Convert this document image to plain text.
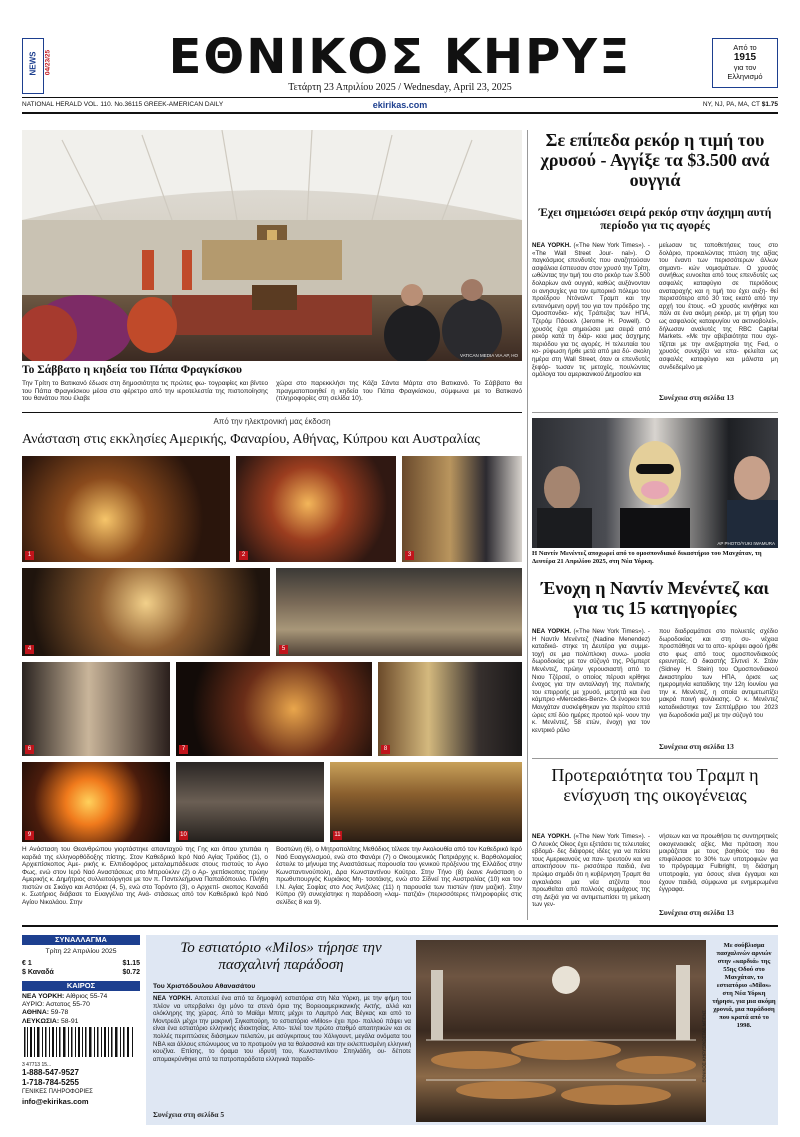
NEWS 04/23/25	ΕΘΝΙΚΟΣ ΚΗΡΥΞ
Τετάρτη 23 Απριλίου 2025 / Wednesday, April 23, 2025
Από το
1915
για τον
Ελληνισμό
NATIONAL HERALD VOL. 110. No.36115 GREEK-AMERICAN DAILY	ekirikas.com	NY, NJ, PA, MA, CT $1.75
VATICAN MEDIA VIA AP, HO
Το Σάββατο η κηδεία του Πάπα Φραγκίσκου
Την Τρίτη το Βατικανό έδωσε στη δημοσιότητα τις πρώτες φω- τογραφίες και βίντεο του Πάπα Φραγκίσκου μέσα στο φέρετρο από την ιεροτελεστία της πιστοποίησης του θανάτου που έλαβε
χώρα στο παρεκκλήσι της Κάζα Σάντα Μάρτα στο Βατικανό. Το Σάββατο θα πραγματοποιηθεί η κηδεία του Πάπα Φραγκίσκου, σύμφωνα με το Βατικανό (πληροφορίες στη σελίδα 10).
Σε επίπεδα ρεκόρ η τιμή του χρυσού - Αγγίξε τα $3.500 ανά ουγγιά
Έχει σημειώσει σειρά ρεκόρ στην άσχημη αυτή περίοδο για τις αγορές
ΝΕΑ ΥΟΡΚΗ. («The New York Times»). - «The Wall Street Jour- nal»). Ο παγκόσμιος επενδυτές που αναζητούσαν ασφάλεια έσπευσαν στον χρυσό την Τρίτη, ωθώντας την τιμή του στο ρεκόρ των 3.500 δολαρίων ανά ουγγιά, καθώς αυξάνονταν οι ανησυχίες για τον εμπορικό πόλεμο του προέδρου Ντόναλντ Τραμπ και την εντεινόμενη οργή του για τον πρόεδρο της Ομοσπονδια- κής Τράπεζας των ΗΠΑ, Τζερόμ Πάουελ (Jerome H. Powell). Ο χρυσός έχει σημειώσει μια σειρά από ρεκόρ κατά τη διάρ- κεια μιας άσχημης περιόδου για τις αγορές. Η τελευταία του κο- ρύφωση ήρθε μετά από μια δύ- σκολη ημέρα στη Wall Street, όταν οι επενδυτές ξεφόρ- τωσαν τις μετοχές, πουλώντας ομόλογα του αμερικανικού Δημοσίου και
μείωσαν τις τοποθετήσεις τους στο δολάριο, προκαλώντας πτώση της αξίας του έναντι των περισσότερων άλλων σημαντι- κών νομισμάτων. Ο χρυσός συνήθως ευνοείται από τους επενδυτές ως ασφαλές καταφύγιο σε περιόδους αναταραχής και η τιμή του έχει αυξη- θεί περισσότερο από 30 τοις εκατό από την αρχή του έτους. «Ο χρυσός κινήθηκε και πάλι σε ένα ακόμη ρεκόρ, με τη φήμη του ως ασφαλούς καταφυγίου να ακτινοβολεί», δήλωσαν αναλυτές της RBC Capital Markets. «Με την αβεβαιότητα που σχε- τίζεται με την ανεξαρτησία της Fed, ο χρυσός συνεχίζει να επα- φελείται ως ασφαλές καταφύγιο και μάλιστα μη συνδεδεμένο με
Συνέχεια στη σελίδα 13
Από την ηλεκτρονική μας έκδοση
Ανάσταση στις εκκλησίες Αμερικής, Φαναρίου, Αθήνας, Κύπρου και Αυστραλίας
1	2	3
4	5
6	7	8
9	10	11
Η Ανάσταση του Θεανθρώπου γιορτάστηκε απανταχού της Γης και όπου χτυπάει η καρδιά της ελληνορθόδοξης πίστης. Στον Καθεδρικό Ιερό Ναό Αγίας Τριάδος (1), ο Αρχιεπίσκοπος Αμε- ρικής κ. Ελπιδοφόρος μεταλαμπάδευσε στους πιστούς το Αγιο Φως, ενώ στον Ιερό Ναό Αναστάσεως στο Μπρούκλιν (2) ο Αρ- χιεπίσκοπος πρώην Αμερικής κ. Δημήτριος συλλειτούργησε με τον π. Παντελεήμονα Παπαδόπουλο. Πλήθη πιστών σε Σικάγο και Αστόρια (4, 5), ενώ στο Τορόντο (3), ο Αρχιεπί- σκοπος Καναδά κ. Σωτήριος διάβασε το Ευαγγέλιο της Ανά- στάσεως από τον Καθεδρικό Ιερό Ναό Αγίου Νικολάου. Στην
Βοστώνη (6), ο Μητροπολίτης Μεθόδιος τέλεσε την Ακολουθία από τον Καθεδρικό Ιερό Ναό Ευαγγελισμού, ενώ στο Φανάρι (7) ο Οικουμενικός Πατριάρχης κ. Βαρθολομαίος έστειλε το μήνυμα της Αναστάσεως παρουσία του γενικού πρόξενου της Ελλάδος στην Κωνσταντινούπολη, Δρα Κωνσταντίνου Κούτρα. Στην Τήνο (8) έκανε Ανάσταση ο πρωθυπουργός Κυριάκος Μη- τσοτάκης, ενώ στο Σίδνεϊ της Αυστραλίας (10) και τον Ι.Ν. Αγίας Σοφίας στο Λος Άντζελες (11) η παρουσία των πιστών ήταν μαζική. Στην Κύπρο (9) συνεχίστηκε η παράδοση «λαμ- πατζιά» (περισσότερες πληροφορίες στις σελίδες 8 και 9).
AP PHOTO/YUKI IWAMURA
Η Ναντίν Μενέντεζ αποχωρεί από το ομοσπονδιακό δικαστήριο του Μανχάταν, τη Δευτέρα 21 Απριλίου 2025, στη Νέα Υόρκη.
Ένοχη η Ναντίν Μενέντεζ και για τις 15 κατηγορίες
ΝΕΑ ΥΟΡΚΗ. («The New York Times»). - Η Ναντίν Μενέντεζ (Nadine Menendez) καταδικά- στηκε τη Δευτέρα για συμμε- τοχή σε μια πολύπλοκη συνω- μοσία δωροδοκίας με τον σύζυγό της, Ρόμπερτ Μενέντεζ, πρώην γερουσιαστή από το Νιου Τζέρσεϊ, ο οποίος πέρυσι κρίθηκε ένοχος για την ανταλλαγή της πολιτικής του επιρροής με χρυσό, μετρητά και ένα κάμπριο «Mercedes-Benz». Οι ένορκοι του Μανχάταν συσκέφθηκαν για περίπου επτά ώρες επί δύο ημέρες προτού κρί- νουν την κ. Μενέντεζ, 58 ετών, ένοχη για τον κεντρικό ρόλο
που διαδραμάτισε στο πολυετές σχέδιο δωροδοκίας και στη συ- νέχεια προσπάθησε να το απο- κρύψει αφού ήρθε στο φως από τους ομοσπονδιακούς ερευνητές. Ο δικαστής Σίντνεϊ Χ. Στάιν (Sidney H. Stein) του Ομοσπονδιακού Δικαστηρίου των ΗΠΑ, όρισε ως ημερομηνία καταδίκης την 12η Ιουνίου για την κ. Μενέντεζ, η οποία αντιμετωπίζει μακρά ποινή φυλάκισης. Ο κ. Μενέντεζ καταδικάστηκε τον Σεπτέμβριο του 2023 για δωροδοκία μαζί με την σύζυγό του
Συνέχεια στη σελίδα 13
Προτεραιότητα του Τραμπ η ενίσχυση της οικογένειας
ΝΕΑ ΥΟΡΚΗ. («The New York Times»). - Ο Λευκός Οίκος έχει εξετάσει τις τελευταίες εβδομά- δες διάφορες ιδέες για να πείσει τους Αμερικανούς να παν- τρευτούν και να αποκτήσουν πε- ρισσότερα παιδιά, ένα πρώιμο σημάδι ότι η κυβέρνηση Τραμπ θα αγκαλιάσει μια νέα ατζέντα που προωθείται από πολλούς συμμάχους της στη Δεξιά για να αντιμετωπίσει τη μείωση των γεν-
νήσεων και να προωθήσει τις συντηρητικές οικογενειακές αξίες. Μια πρόταση που μοιράζεται με τους βοηθούς του θα επιφύλασσε το 30% των υποτροφιών για το πρόγραμμα Fulbright, τη διάσημη υποτροφία, για όσους είναι έγγαμοι και έχουν παιδιά, σύμφωνα με ενημερωμένα έγγραφα.
Συνέχεια στη σελίδα 13
ΣΥΝΑΛΛΑΓΜΑ
Τρίτη 22 Απριλίου 2025
€ 1	$1.15
$ Καναδά	$0.72
ΚΑΙΡΟΣ
ΝΕΑ ΥΟΡΚΗ: Αίθριος 55-74
ΑΥΡΙΟ: Αστατος 55-70
ΑΘΗΝΑ: 59-78
ΛΕΥΚΩΣΙΑ: 58-91
3 47713 15...
1-888-547-9527
1-718-784-5255
ΓΕΝΙΚΕΣ ΠΛΗΡΟΦΟΡΙΕΣ
info@ekirikas.com
Το εστιατόριο «Milos» τήρησε την πασχαλινή παράδοση
Του Χριστόδουλου Αθανασάτου
ΝΕΑ ΥΟΡΚΗ. Αποτελεί ένα από τα δημοφιλή εστιατόρια στη Νέα Υόρκη, με την φήμη του πλέον να υπερβαίνει όχι μόνο τα στενά όρια της Βορειοαμερικανικής Ακτής, αλλά και ολόκληρης της χώρας. Από το Μαϊάμι Μπιτς μέχρι το Λαμπρό Λας Βέγκας και από το Μοντρεάλ μέχρι την μακρινή Σιγκαπούρη, το εστιατόριο «Milos» έχει προ- πολλού πάψει να είναι ένα εστιατόριο ελληνικής ιδιοκτησίας. Απο- τελεί τον πρώτο σταθμό απαιτητικών και σε πολλές περιπτώσεις διάσημων πελατών, με ασύγκριτους του Χόλιγουντ, μεγάλα ονόματα του NBA και άλλους επώνυμους να το προτιμούν για τα θαλασσινά και την εκλεπτυσμένη ελληνική κουζίνα. Επίσης, το όραμα του ιδρυτή του, Κωνσταντίνου Σπηλιάδη, ου- δέποτε απομακρύνθηκε από τα πατροπαράδοτα ελληνικά παραδο-
Συνέχεια στη σελίδα 5
ΕΘΝΙΚΟΣ ΚΗΡΥΞ/ΚΩΣΤΑΣ ΜΠΕΝΣ
Με σούβλισμα πασχαλινών αρνιών στην «καρδιά» της 55ης Οδού στο Μανχάταν, το εστιατόριο «Milos» στη Νέα Υόρκη τήρησε, για μια ακόμη χρονιά, μια παράδοση που κρατά από το 1998.
